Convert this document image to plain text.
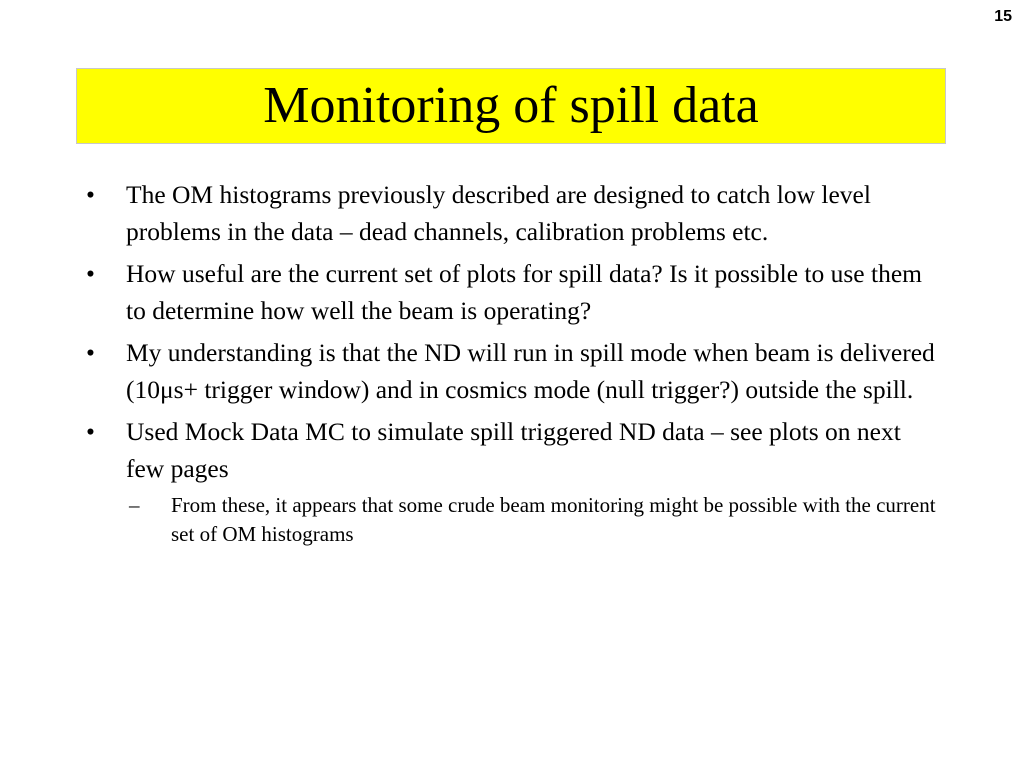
15
Monitoring of spill data
• The OM histograms previously described are designed to catch low level problems in the data – dead channels, calibration problems etc.
• How useful are the current set of plots for spill data? Is it possible to use them to determine how well the beam is operating?
• My understanding is that the ND will run in spill mode when beam is delivered (10μs+ trigger window) and in cosmics mode (null trigger?) outside the spill.
• Used Mock Data MC to simulate spill triggered ND data – see plots on next few pages
– From these, it appears that some crude beam monitoring might be possible with the current set of OM histograms
